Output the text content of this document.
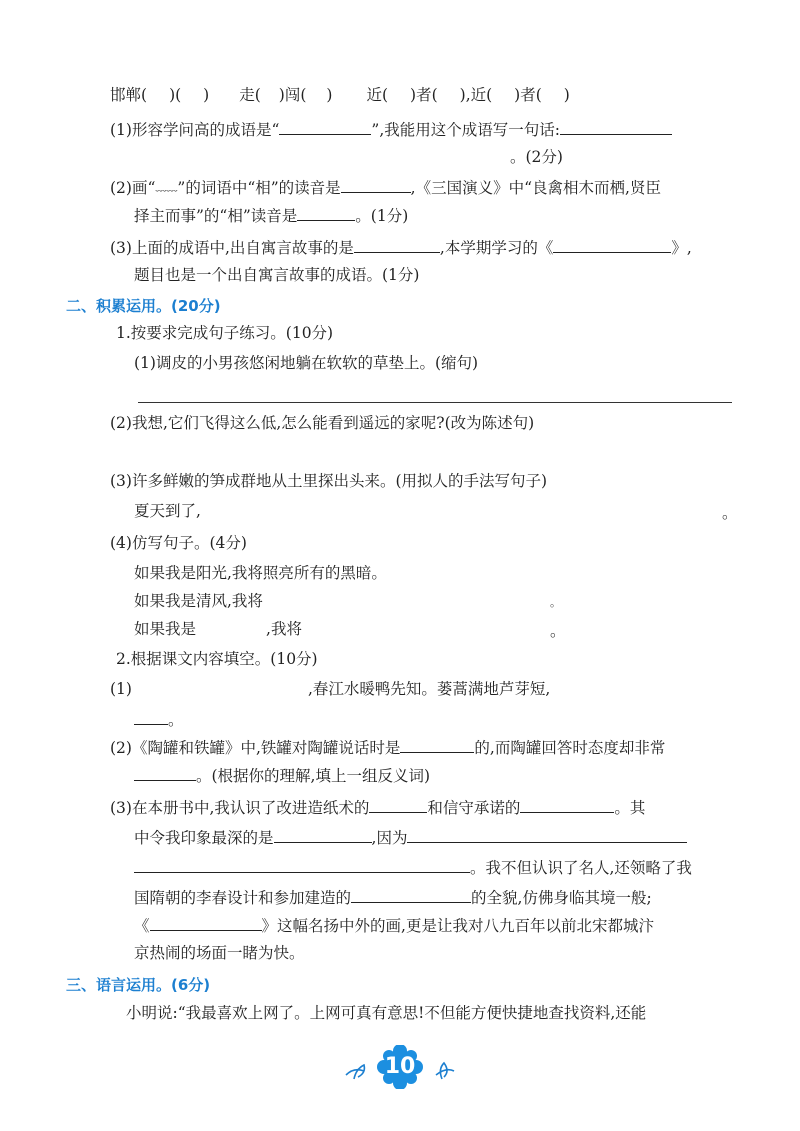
邯郸( )( ) 走( )闯( ) 近( )者( ),近( )者( )
(1)形容学问高的成语是“	”,我能用这个成语写一句话:
。(2分)
(2)画“﹏﹏”的词语中“相”的读音是	,《三国演义》中“良禽相木而栖,贤臣
择主而事”的“相”读音是	。(1分)
(3)上面的成语中,出自寓言故事的是	,本学期学习的《	》,
题目也是一个出自寓言故事的成语。(1分)
二、积累运用。(20分)
1.按要求完成句子练习。(10分)
(1)调皮的小男孩悠闲地躺在软软的草垫上。(缩句)
(2)我想,它们飞得这么低,怎么能看到遥远的家呢?(改为陈述句)
(3)许多鲜嫩的笋成群地从土里探出头来。(用拟人的手法写句子)
夏天到了,	。
(4)仿写句子。(4分)
如果我是阳光,我将照亮所有的黑暗。
如果我是清风,我将	。
如果我是	,我将	。
2.根据课文内容填空。(10分)
(1)	,春江水暖鸭先知。蒌蒿满地芦芽短,
。
(2)《陶罐和铁罐》中,铁罐对陶罐说话时是	的,而陶罐回答时态度却非常
。(根据你的理解,填上一组反义词)
(3)在本册书中,我认识了改进造纸术的	和信守承诺的	。其
中令我印象最深的是	,因为
。我不但认识了名人,还领略了我
国隋朝的李春设计和参加建造的	的全貌,仿佛身临其境一般;
《	》这幅名扬中外的画,更是让我对八九百年以前北宋都城汴
京热闹的场面一睹为快。
三、语言运用。(6分)
小明说:“我最喜欢上网了。上网可真有意思!不但能方便快捷地查找资料,还能
10
